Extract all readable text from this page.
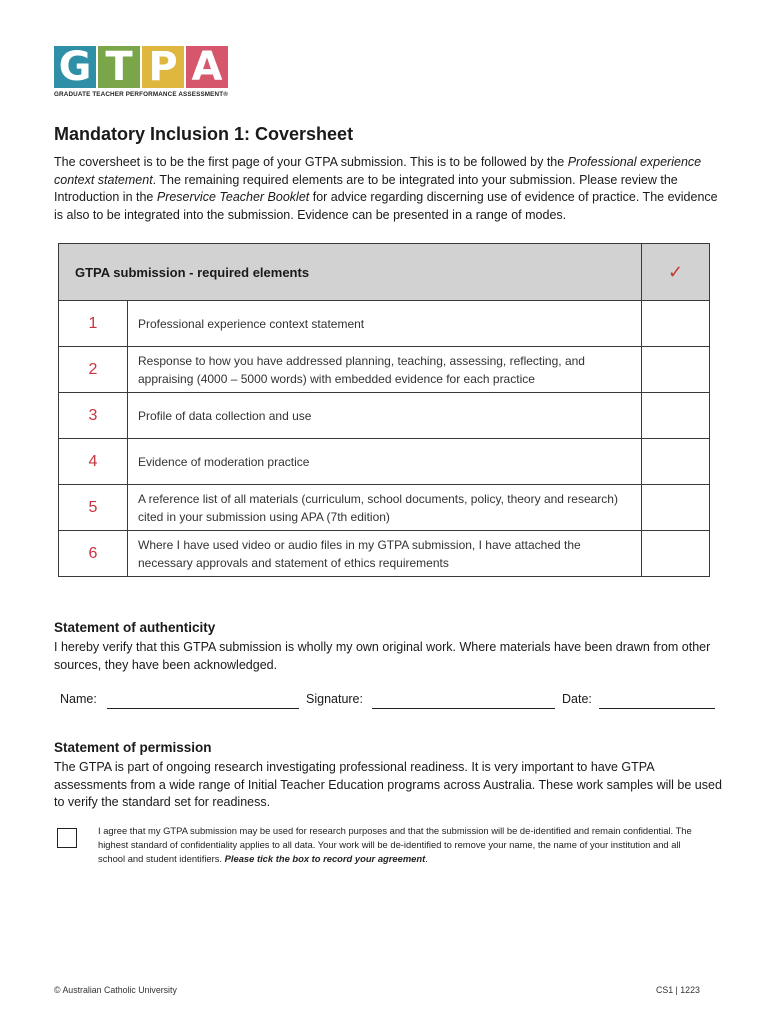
G T P A
GRADUATE TEACHER PERFORMANCE ASSESSMENT®
Mandatory Inclusion 1: Coversheet

The coversheet is to be the first page of your GTPA submission. This is to be followed by the Professional experience context statement. The remaining required elements are to be integrated into your submission. Please review the Introduction in the Preservice Teacher Booklet for advice regarding discerning use of evidence of practice. The evidence is also to be integrated into the submission. Evidence can be presented in a range of modes.

GTPA submission - required elements		✓
1	Professional experience context statement	
2	Response to how you have addressed planning, teaching, assessing, reflecting, and appraising (4000 – 5000 words) with embedded evidence for each practice	
3	Profile of data collection and use	
4	Evidence of moderation practice	
5	A reference list of all materials (curriculum, school documents, policy, theory and research) cited in your submission using APA (7th edition)	
6	Where I have used video or audio files in my GTPA submission, I have attached the necessary approvals and statement of ethics requirements	
Statement of authenticity

I hereby verify that this GTPA submission is wholly my own original work. Where materials have been drawn from other sources, they have been acknowledged.

Name:	Signature:	Date:
Statement of permission

The GTPA is part of ongoing research investigating professional readiness. It is very important to have GTPA assessments from a wide range of Initial Teacher Education programs across Australia. These work samples will be used to verify the standard set for readiness.

I agree that my GTPA submission may be used for research purposes and that the submission will be de-identified and remain confidential. The highest standard of confidentiality applies to all data. Your work will be de-identified to remove your name, the name of your institution and all school and student identifiers. Please tick the box to record your agreement.

© Australian Catholic University	CS1 | 1223
